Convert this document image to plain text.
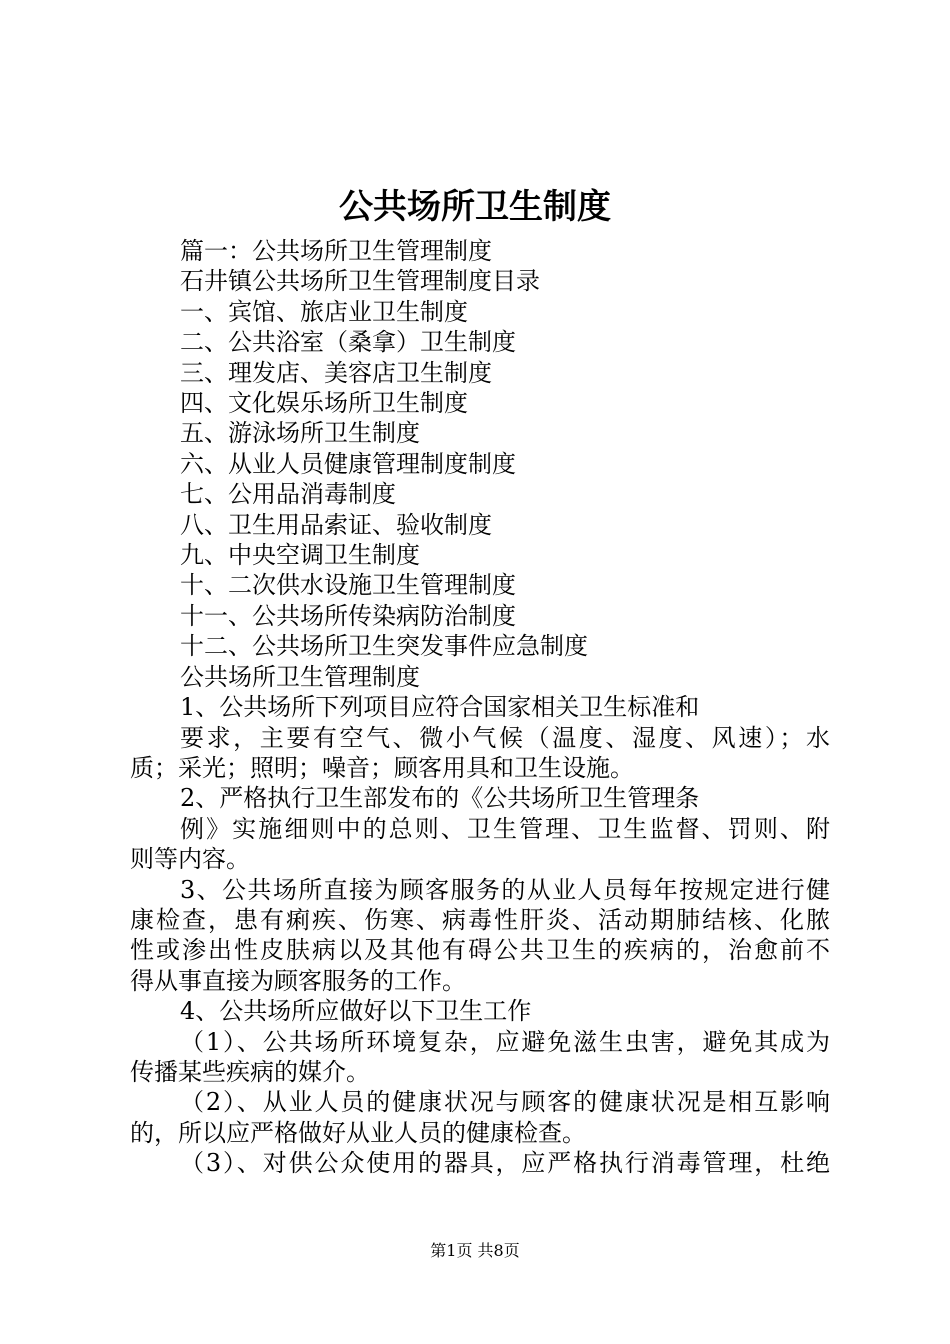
公共场所卫生制度

篇一：公共场所卫生管理制度

石井镇公共场所卫生管理制度目录

一、宾馆、旅店业卫生制度

二、公共浴室（桑拿）卫生制度

三、理发店、美容店卫生制度

四、文化娱乐场所卫生制度

五、游泳场所卫生制度

六、从业人员健康管理制度制度

七、公用品消毒制度

八、卫生用品索证、验收制度

九、中央空调卫生制度

十、二次供水设施卫生管理制度

十一、公共场所传染病防治制度

十二、公共场所卫生突发事件应急制度

公共场所卫生管理制度

1、公共场所下列项目应符合国家相关卫生标准和

要求，主要有空气、微小气候（温度、湿度、风速）；水

质；采光；照明；噪音；顾客用具和卫生设施。

2、严格执行卫生部发布的《公共场所卫生管理条

例》实施细则中的总则、卫生管理、卫生监督、罚则、附

则等内容。

3、公共场所直接为顾客服务的从业人员每年按规定进行健

康检查，患有痢疾、伤寒、病毒性肝炎、活动期肺结核、化脓

性或渗出性皮肤病以及其他有碍公共卫生的疾病的，治愈前不

得从事直接为顾客服务的工作。

4、公共场所应做好以下卫生工作

（1）、公共场所环境复杂，应避免滋生虫害，避免其成为

传播某些疾病的媒介。

（2）、从业人员的健康状况与顾客的健康状况是相互影响

的，所以应严格做好从业人员的健康检查。

（3）、对供公众使用的器具，应严格执行消毒管理，杜绝

第1页 共8页
